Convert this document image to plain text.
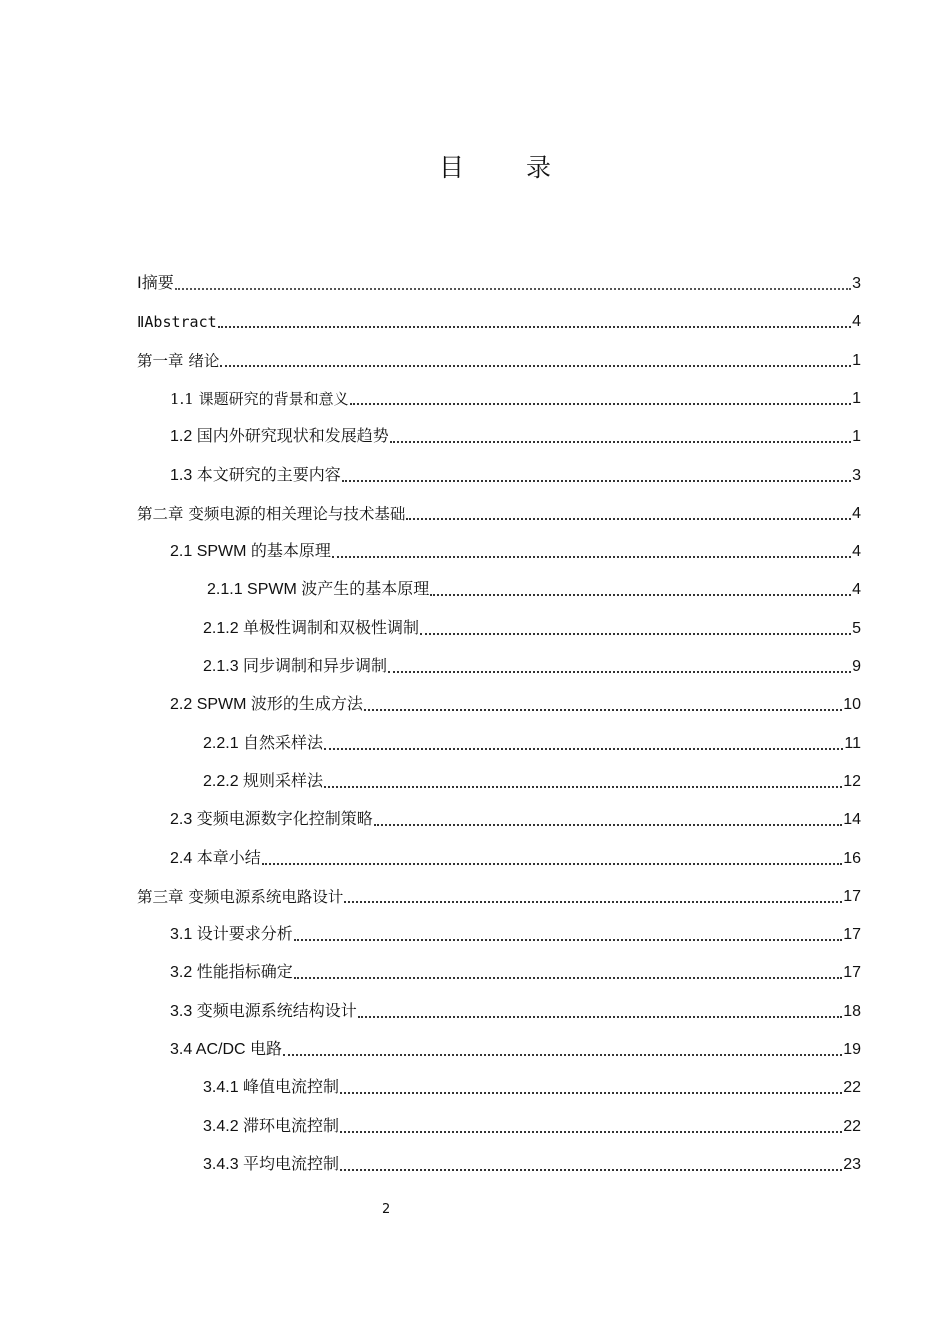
目 录
Ⅰ摘要	3
ⅡAbstract	4
第一章 绪论	1
1.1 课题研究的背景和意义	1
1.2 国内外研究现状和发展趋势	1
1.3 本文研究的主要内容	3
第二章 变频电源的相关理论与技术基础	4
2.1 SPWM 的基本原理	4
2.1.1 SPWM 波产生的基本原理	4
2.1.2 单极性调制和双极性调制	5
2.1.3 同步调制和异步调制	9
2.2 SPWM 波形的生成方法	10
2.2.1 自然采样法	11
2.2.2 规则采样法	12
2.3 变频电源数字化控制策略	14
2.4 本章小结	16
第三章 变频电源系统电路设计	17
3.1 设计要求分析	17
3.2 性能指标确定	17
3.3 变频电源系统结构设计	18
3.4 AC/DC 电路	19
3.4.1 峰值电流控制	22
3.4.2 滞环电流控制	22
3.4.3 平均电流控制	23
2
